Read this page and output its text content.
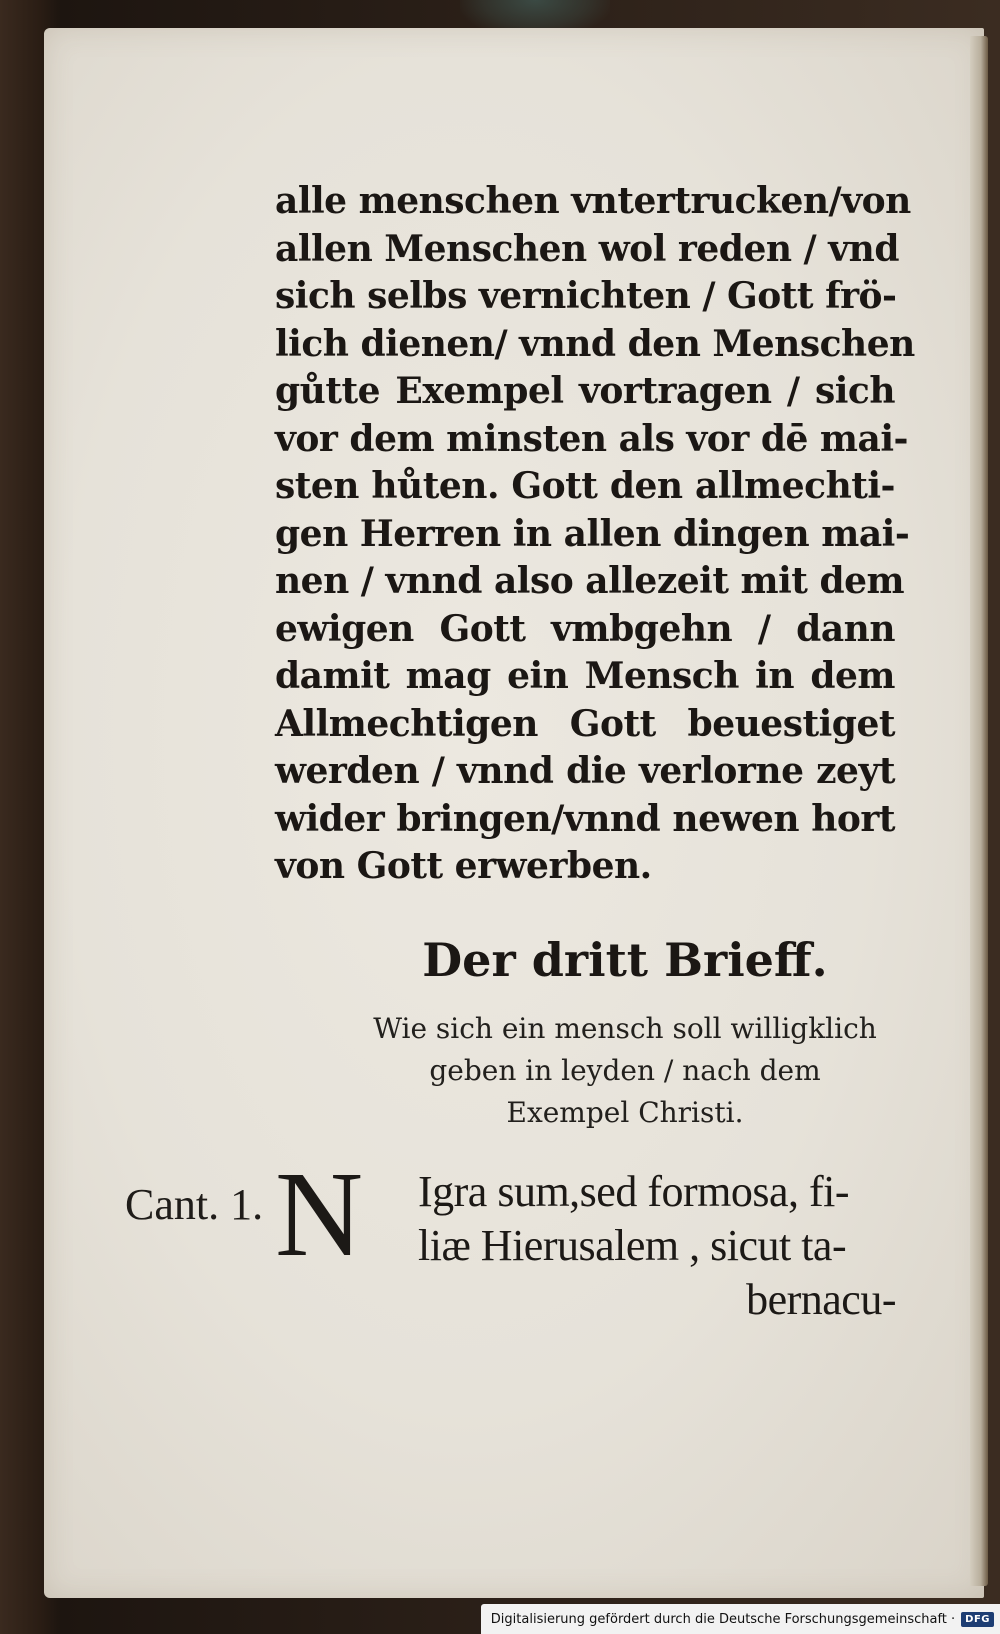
alle menschen vntertrucken/von
allen Menschen wol reden / vnd
sich selbs vernichten / Gott frö-
lich dienen/ vnnd den Menschen
gůtte Exempel vortragen / sich
vor dem minsten als vor dē mai-
sten hůten. Gott den allmechti-
gen Herren in allen dingen mai-
nen / vnnd also allezeit mit dem
ewigen Gott vmbgehn / dann
damit mag ein Mensch in dem
Allmechtigen Gott beuestiget
werden / vnnd die verlorne zeyt
wider bringen/vnnd newen hort
von Gott erwerben.
Der dritt Brieff.
Wie sich ein mensch soll willigklich
geben in leyden / nach dem
Exempel Christi.
Cant. 1. N Igra sum,sed formosa, fi-
liæ Hierusalem , sicut ta-
bernacu-
Digitalisierung gefördert durch die Deutsche Forschungsgemeinschaft ·	DFG
